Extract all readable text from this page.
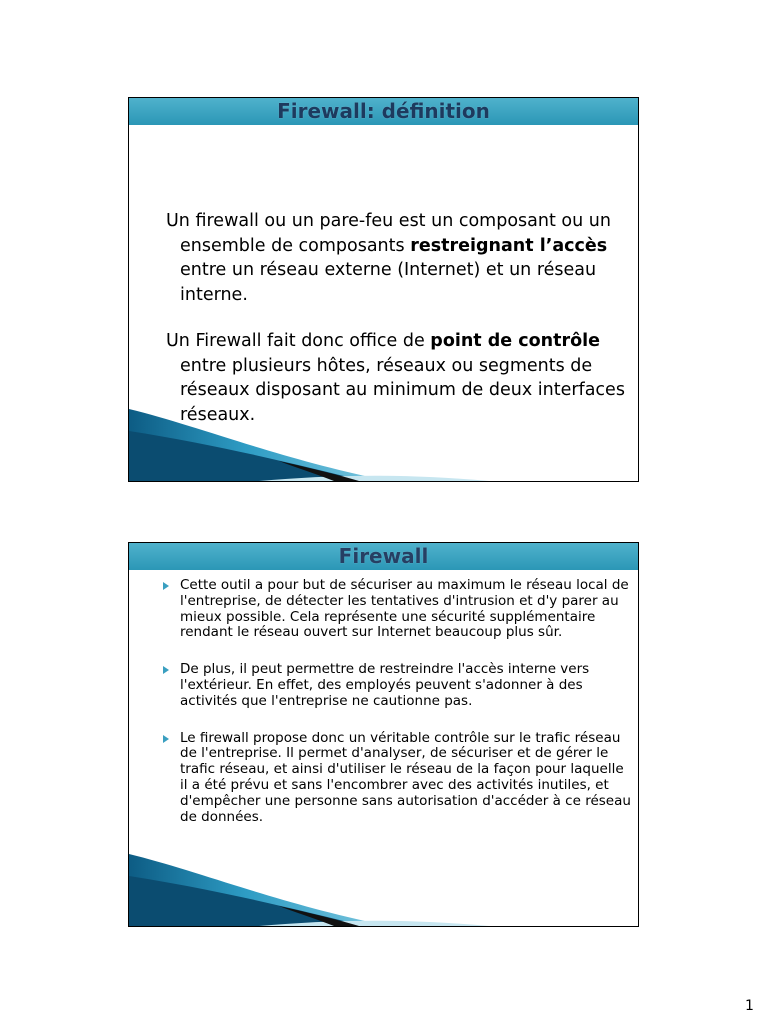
Firewall: définition

Un firewall ou un pare-feu est un composant ou un ensemble de composants restreignant l’accès entre un réseau externe (Internet) et un réseau interne.

Un Firewall fait donc office de point de contrôle entre plusieurs hôtes, réseaux ou segments de réseaux disposant au minimum de deux interfaces réseaux.

Firewall
Cette outil a pour but de sécuriser au maximum le réseau local de l'entreprise, de détecter les tentatives d'intrusion et d'y parer au mieux possible. Cela représente une sécurité supplémentaire rendant le réseau ouvert sur Internet beaucoup plus sûr.
De plus, il peut permettre de restreindre l'accès interne vers l'extérieur. En effet, des employés peuvent s'adonner à des activités que l'entreprise ne cautionne pas.
Le firewall propose donc un véritable contrôle sur le trafic réseau de l'entreprise. Il permet d'analyser, de sécuriser et de gérer le trafic réseau, et ainsi d'utiliser le réseau de la façon pour laquelle il a été prévu et sans l'encombrer avec des activités inutiles, et d'empêcher une personne sans autorisation d'accéder à ce réseau de données.
1
